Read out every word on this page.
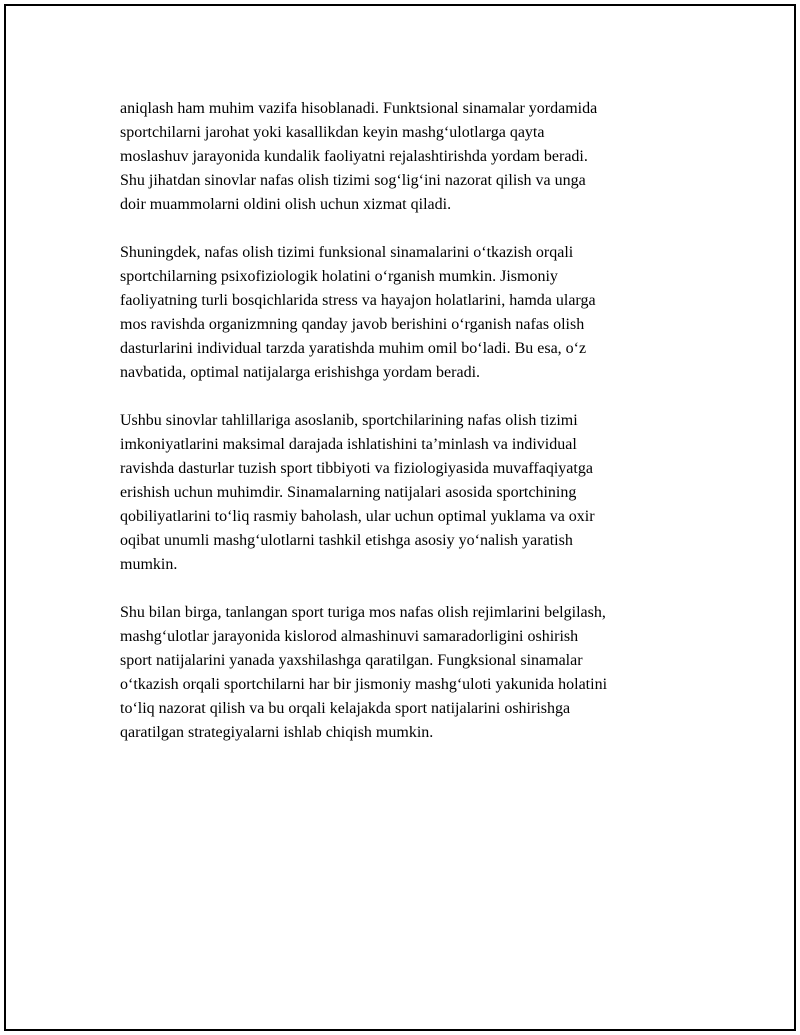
aniqlash ham muhim vazifa hisoblanadi. Funktsional sinamalar yordamida
sportchilarni jarohat yoki kasallikdan keyin mashg‘ulotlarga qayta
moslashuv jarayonida kundalik faoliyatni rejalashtirishda yordam beradi.
Shu jihatdan sinovlar nafas olish tizimi sog‘lig‘ini nazorat qilish va unga
doir muammolarni oldini olish uchun xizmat qiladi.

Shuningdek, nafas olish tizimi funksional sinamalarini o‘tkazish orqali
sportchilarning psixofiziologik holatini o‘rganish mumkin. Jismoniy
faoliyatning turli bosqichlarida stress va hayajon holatlarini, hamda ularga
mos ravishda organizmning qanday javob berishini o‘rganish nafas olish
dasturlarini individual tarzda yaratishda muhim omil bo‘ladi. Bu esa, o‘z
navbatida, optimal natijalarga erishishga yordam beradi.

Ushbu sinovlar tahlillariga asoslanib, sportchilarining nafas olish tizimi
imkoniyatlarini maksimal darajada ishlatishini ta’minlash va individual
ravishda dasturlar tuzish sport tibbiyoti va fiziologiyasida muvaffaqiyatga
erishish uchun muhimdir. Sinamalarning natijalari asosida sportchining
qobiliyatlarini to‘liq rasmiy baholash, ular uchun optimal yuklama va oxir
oqibat unumli mashg‘ulotlarni tashkil etishga asosiy yo‘nalish yaratish
mumkin.

Shu bilan birga, tanlangan sport turiga mos nafas olish rejimlarini belgilash,
mashg‘ulotlar jarayonida kislorod almashinuvi samaradorligini oshirish
sport natijalarini yanada yaxshilashga qaratilgan. Fungksional sinamalar
o‘tkazish orqali sportchilarni har bir jismoniy mashg‘uloti yakunida holatini
to‘liq nazorat qilish va bu orqali kelajakda sport natijalarini oshirishga
qaratilgan strategiyalarni ishlab chiqish mumkin.
